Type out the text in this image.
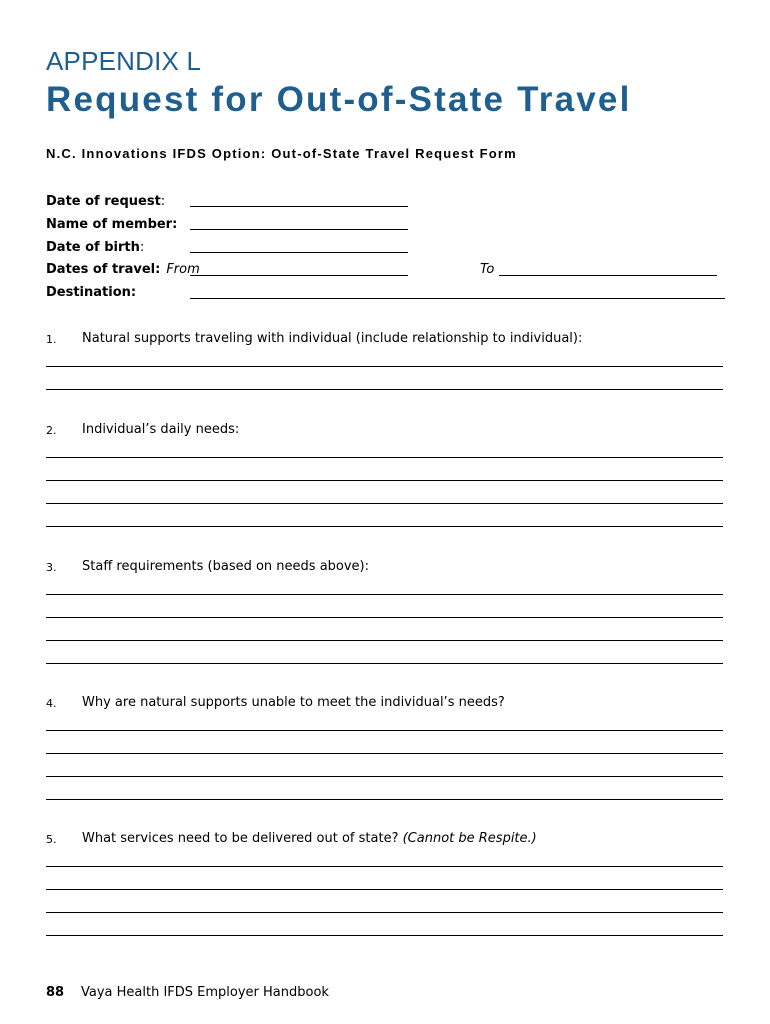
APPENDIX L
Request for Out-of-State Travel
N.C. Innovations IFDS Option: Out-of-State Travel Request Form
Date of request:
Name of member:
Date of birth:
Dates of travel: From	To
Destination:
1. Natural supports traveling with individual (include relationship to individual):
2. Individual’s daily needs:
3. Staff requirements (based on needs above):
4. Why are natural supports unable to meet the individual’s needs?
5. What services need to be delivered out of state? (Cannot be Respite.)
88 Vaya Health IFDS Employer Handbook
